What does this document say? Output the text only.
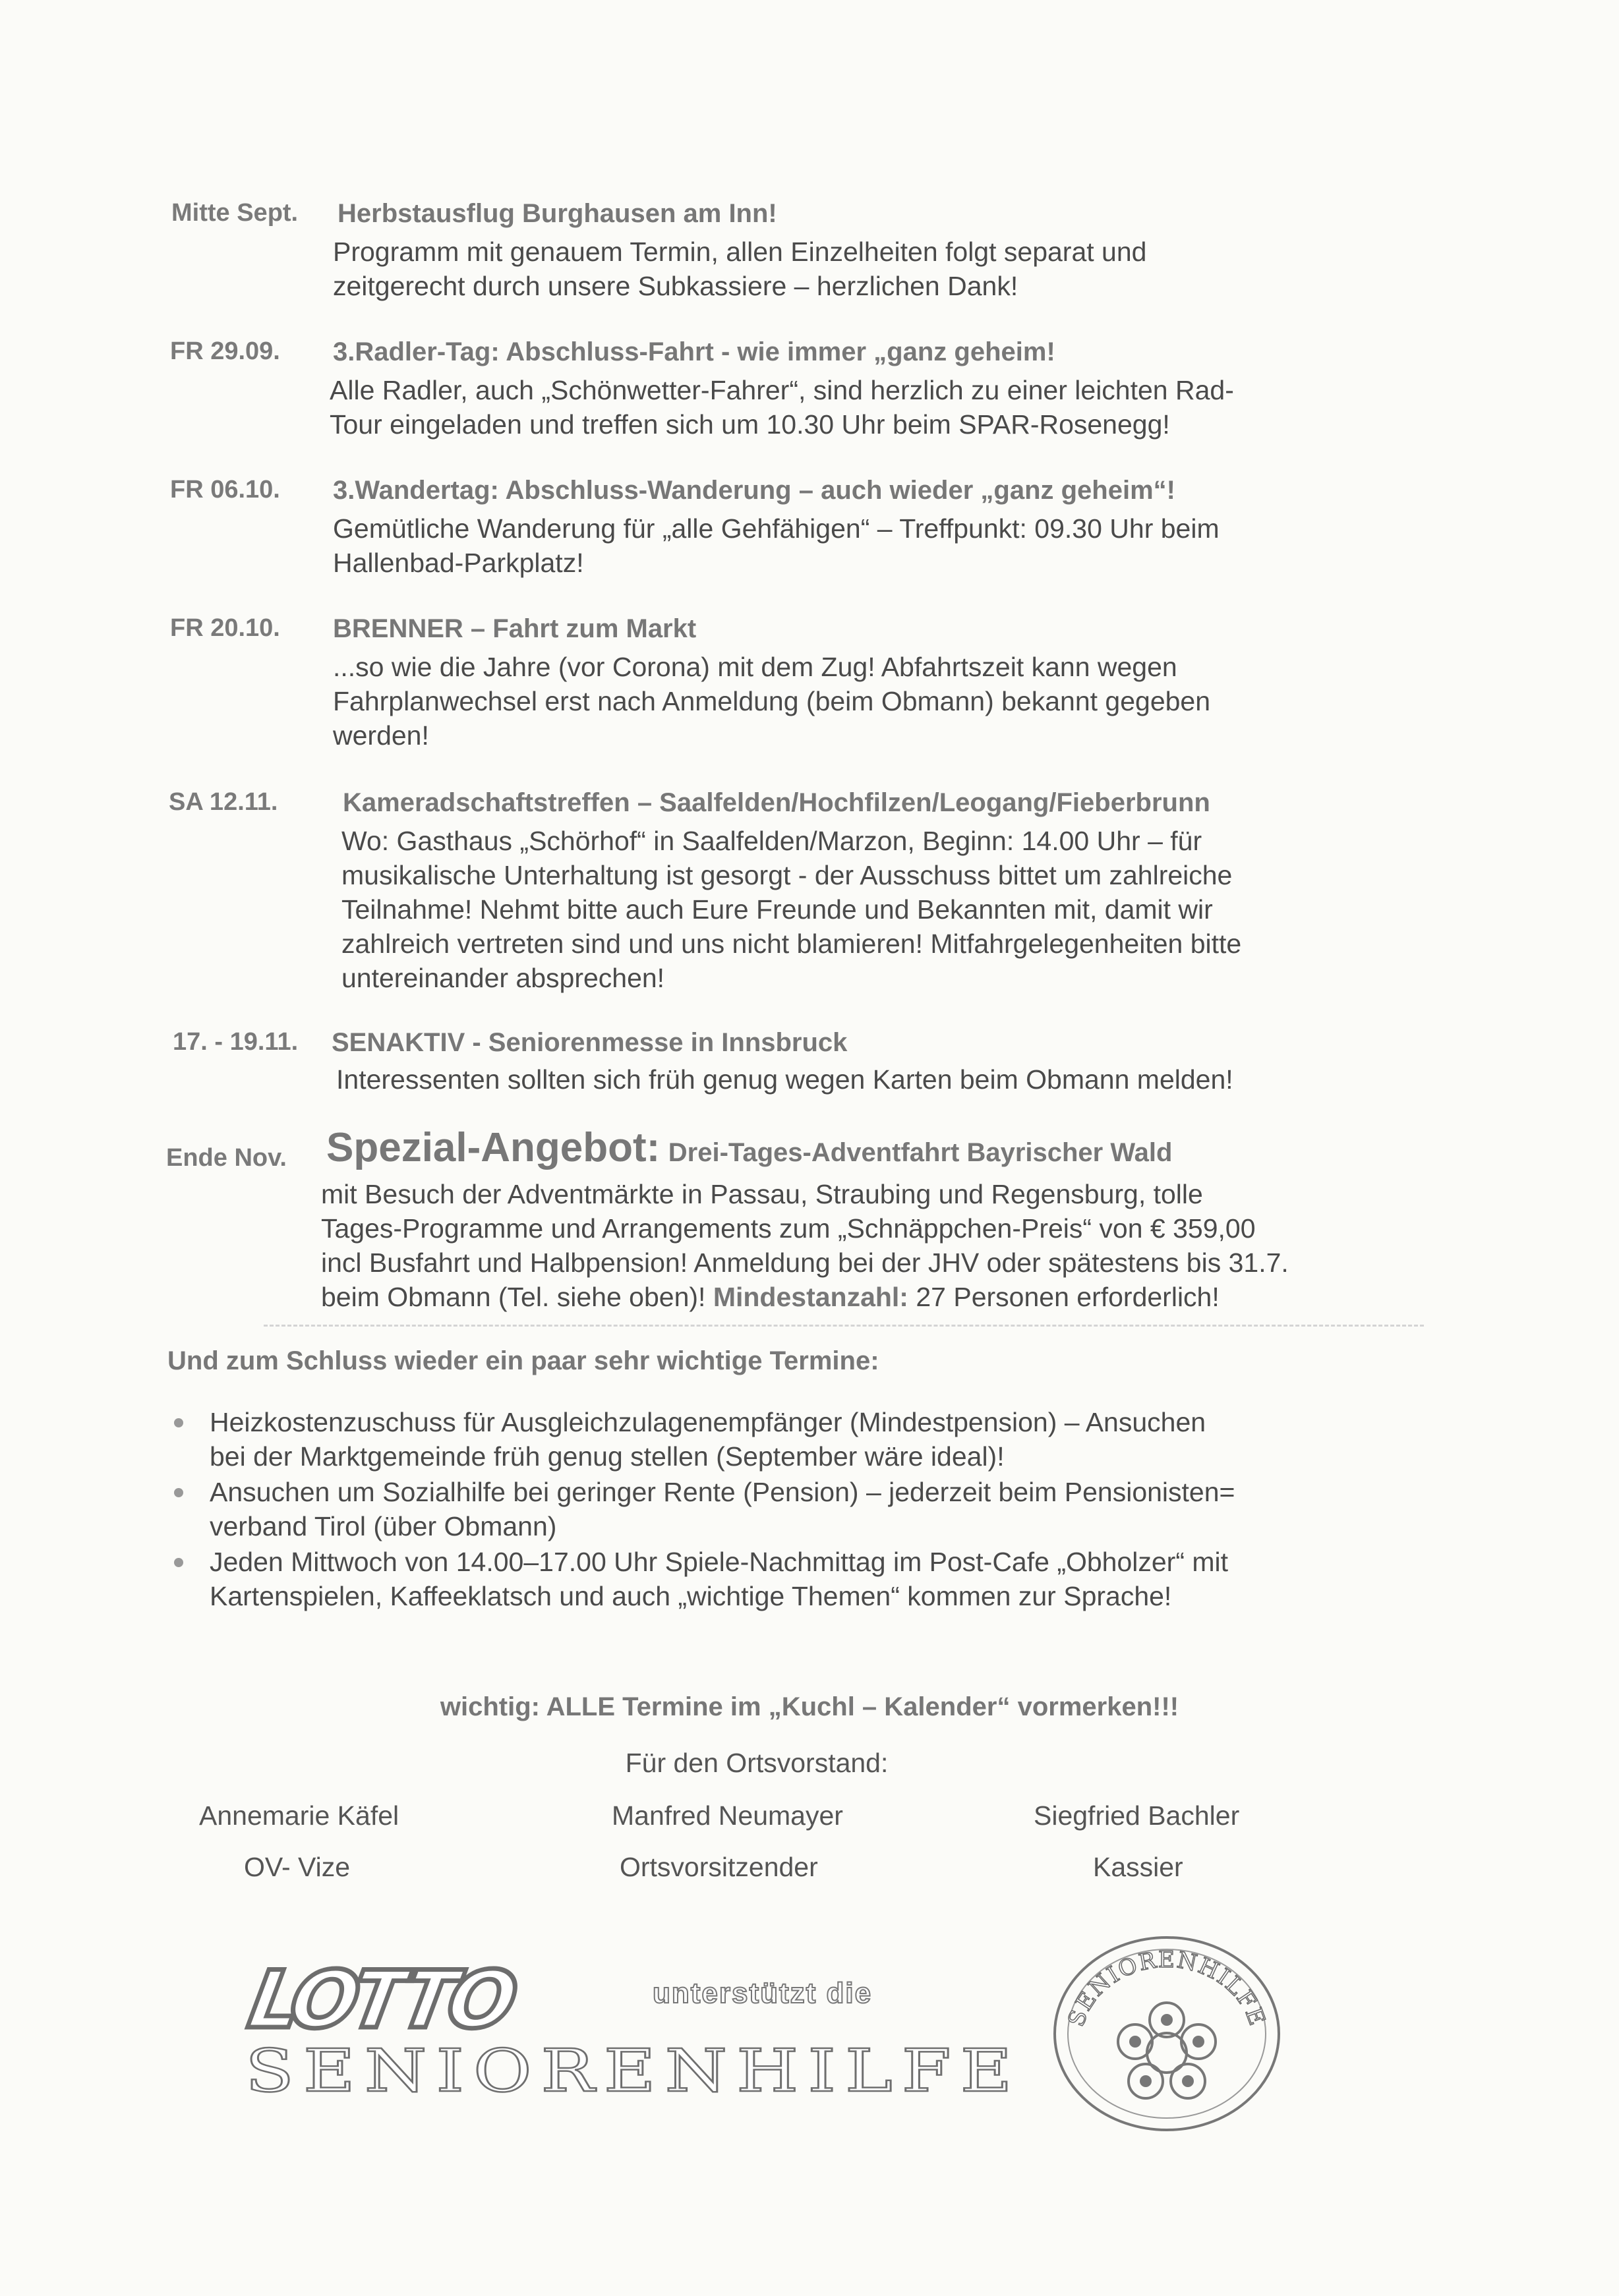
Mitte Sept. Herbstausflug Burghausen am Inn!
Programm mit genauem Termin, allen Einzelheiten folgt separat und
zeitgerecht durch unsere Subkassiere – herzlichen Dank!
FR 29.09. 3.Radler-Tag: Abschluss-Fahrt - wie immer „ganz geheim!
Alle Radler, auch „Schönwetter-Fahrer“, sind herzlich zu einer leichten Rad-
Tour eingeladen und treffen sich um 10.30 Uhr beim SPAR-Rosenegg!
FR 06.10. 3.Wandertag: Abschluss-Wanderung – auch wieder „ganz geheim“!
Gemütliche Wanderung für „alle Gehfähigen“ – Treffpunkt: 09.30 Uhr beim
Hallenbad-Parkplatz!
FR 20.10. BRENNER – Fahrt zum Markt
...so wie die Jahre (vor Corona) mit dem Zug! Abfahrtszeit kann wegen
Fahrplanwechsel erst nach Anmeldung (beim Obmann) bekannt gegeben
werden!
SA 12.11. Kameradschaftstreffen – Saalfelden/Hochfilzen/Leogang/Fieberbrunn
Wo: Gasthaus „Schörhof“ in Saalfelden/Marzon, Beginn: 14.00 Uhr – für
musikalische Unterhaltung ist gesorgt - der Ausschuss bittet um zahlreiche
Teilnahme! Nehmt bitte auch Eure Freunde und Bekannten mit, damit wir
zahlreich vertreten sind und uns nicht blamieren! Mitfahrgelegenheiten bitte
untereinander absprechen!
17. - 19.11. SENAKTIV - Seniorenmesse in Innsbruck
Interessenten sollten sich früh genug wegen Karten beim Obmann melden!
Ende Nov. Spezial-Angebot: Drei-Tages-Adventfahrt Bayrischer Wald
mit Besuch der Adventmärkte in Passau, Straubing und Regensburg, tolle
Tages-Programme und Arrangements zum „Schnäppchen-Preis“ von € 359,00
incl Busfahrt und Halbpension! Anmeldung bei der JHV oder spätestens bis 31.7.
beim Obmann (Tel. siehe oben)! Mindestanzahl: 27 Personen erforderlich!
Und zum Schluss wieder ein paar sehr wichtige Termine:
Heizkostenzuschuss für Ausgleichzulagenempfänger (Mindestpension) – Ansuchen
bei der Marktgemeinde früh genug stellen (September wäre ideal)!
Ansuchen um Sozialhilfe bei geringer Rente (Pension) – jederzeit beim Pensionisten=
verband Tirol (über Obmann)
Jeden Mittwoch von 14.00–17.00 Uhr Spiele-Nachmittag im Post-Cafe „Obholzer“ mit
Kartenspielen, Kaffeeklatsch und auch „wichtige Themen“ kommen zur Sprache!
wichtig: ALLE Termine im „Kuchl – Kalender“ vormerken!!!
Für den Ortsvorstand:
Annemarie Käfel
OV- Vize
Manfred Neumayer
Ortsvorsitzender
Siegfried Bachler
Kassier
LOTTO	unterstützt die
SENIORENHILFE
SENIORENHILFE
